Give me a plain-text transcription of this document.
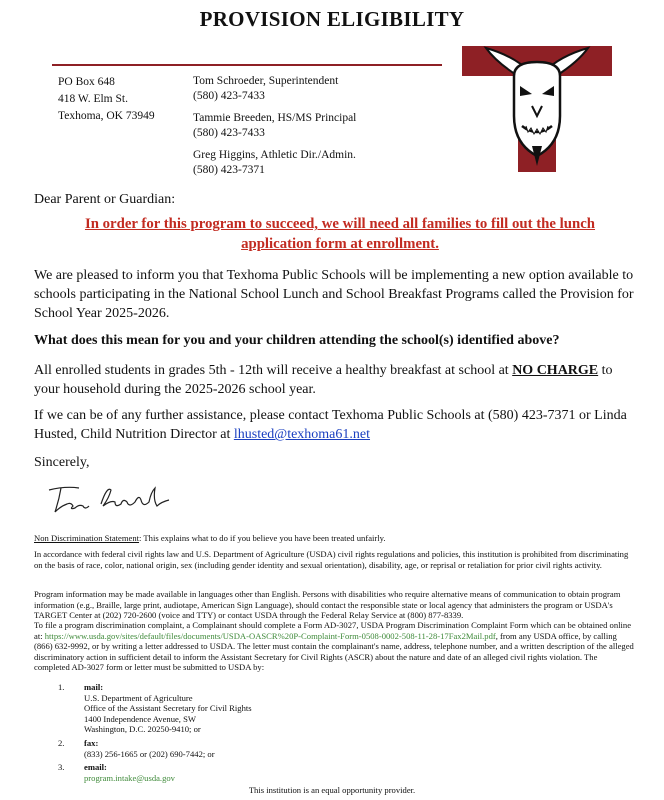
PROVISION ELIGIBILITY
PO Box 648
418 W. Elm St.
Texhoma, OK 73949
Tom Schroeder, Superintendent
(580) 423-7433
Tammie Breeden, HS/MS Principal
(580) 423-7433
Greg Higgins, Athletic Dir./Admin.
(580) 423-7371
Dear Parent or Guardian:
In order for this program to succeed, we will need all families to fill out the lunch application form at enrollment.
We are pleased to inform you that Texhoma Public Schools will be implementing a new option available to schools participating in the National School Lunch and School Breakfast Programs called the Provision for School Year 2025-2026.
What does this mean for you and your children attending the school(s) identified above?
All enrolled students in grades 5th - 12th will receive a healthy breakfast at school at NO CHARGE to your household during the 2025-2026 school year.
If we can be of any further assistance, please contact Texhoma Public Schools at (580) 423-7371 or Linda Husted, Child Nutrition Director at lhusted@texhoma61.net
Sincerely,
Non Discrimination Statement: This explains what to do if you believe you have been treated unfairly.
In accordance with federal civil rights law and U.S. Department of Agriculture (USDA) civil rights regulations and policies, this institution is prohibited from discriminating on the basis of race, color, national origin, sex (including gender identity and sexual orientation), disability, age, or reprisal or retaliation for prior civil rights activity.
Program information may be made available in languages other than English. Persons with disabilities who require alternative means of communication to obtain program information (e.g., Braille, large print, audiotape, American Sign Language), should contact the responsible state or local agency that administers the program or USDA's TARGET Center at (202) 720-2600 (voice and TTY) or contact USDA through the Federal Relay Service at (800) 877-8339.
To file a program discrimination complaint, a Complainant should complete a Form AD-3027, USDA Program Discrimination Complaint Form which can be obtained online at: https://www.usda.gov/sites/default/files/documents/USDA-OASCR%20P-Complaint-Form-0508-0002-508-11-28-17Fax2Mail.pdf, from any USDA office, by calling (866) 632-9992, or by writing a letter addressed to USDA. The letter must contain the complainant's name, address, telephone number, and a written description of the alleged discriminatory action in sufficient detail to inform the Assistant Secretary for Civil Rights (ASCR) about the nature and date of an alleged civil rights violation. The completed AD-3027 form or letter must be submitted to USDA by:
1.	mail:
U.S. Department of Agriculture
Office of the Assistant Secretary for Civil Rights
1400 Independence Avenue, SW
Washington, D.C. 20250-9410; or
2.	fax:
(833) 256-1665 or (202) 690-7442; or
3.	email:
program.intake@usda.gov
This institution is an equal opportunity provider.
